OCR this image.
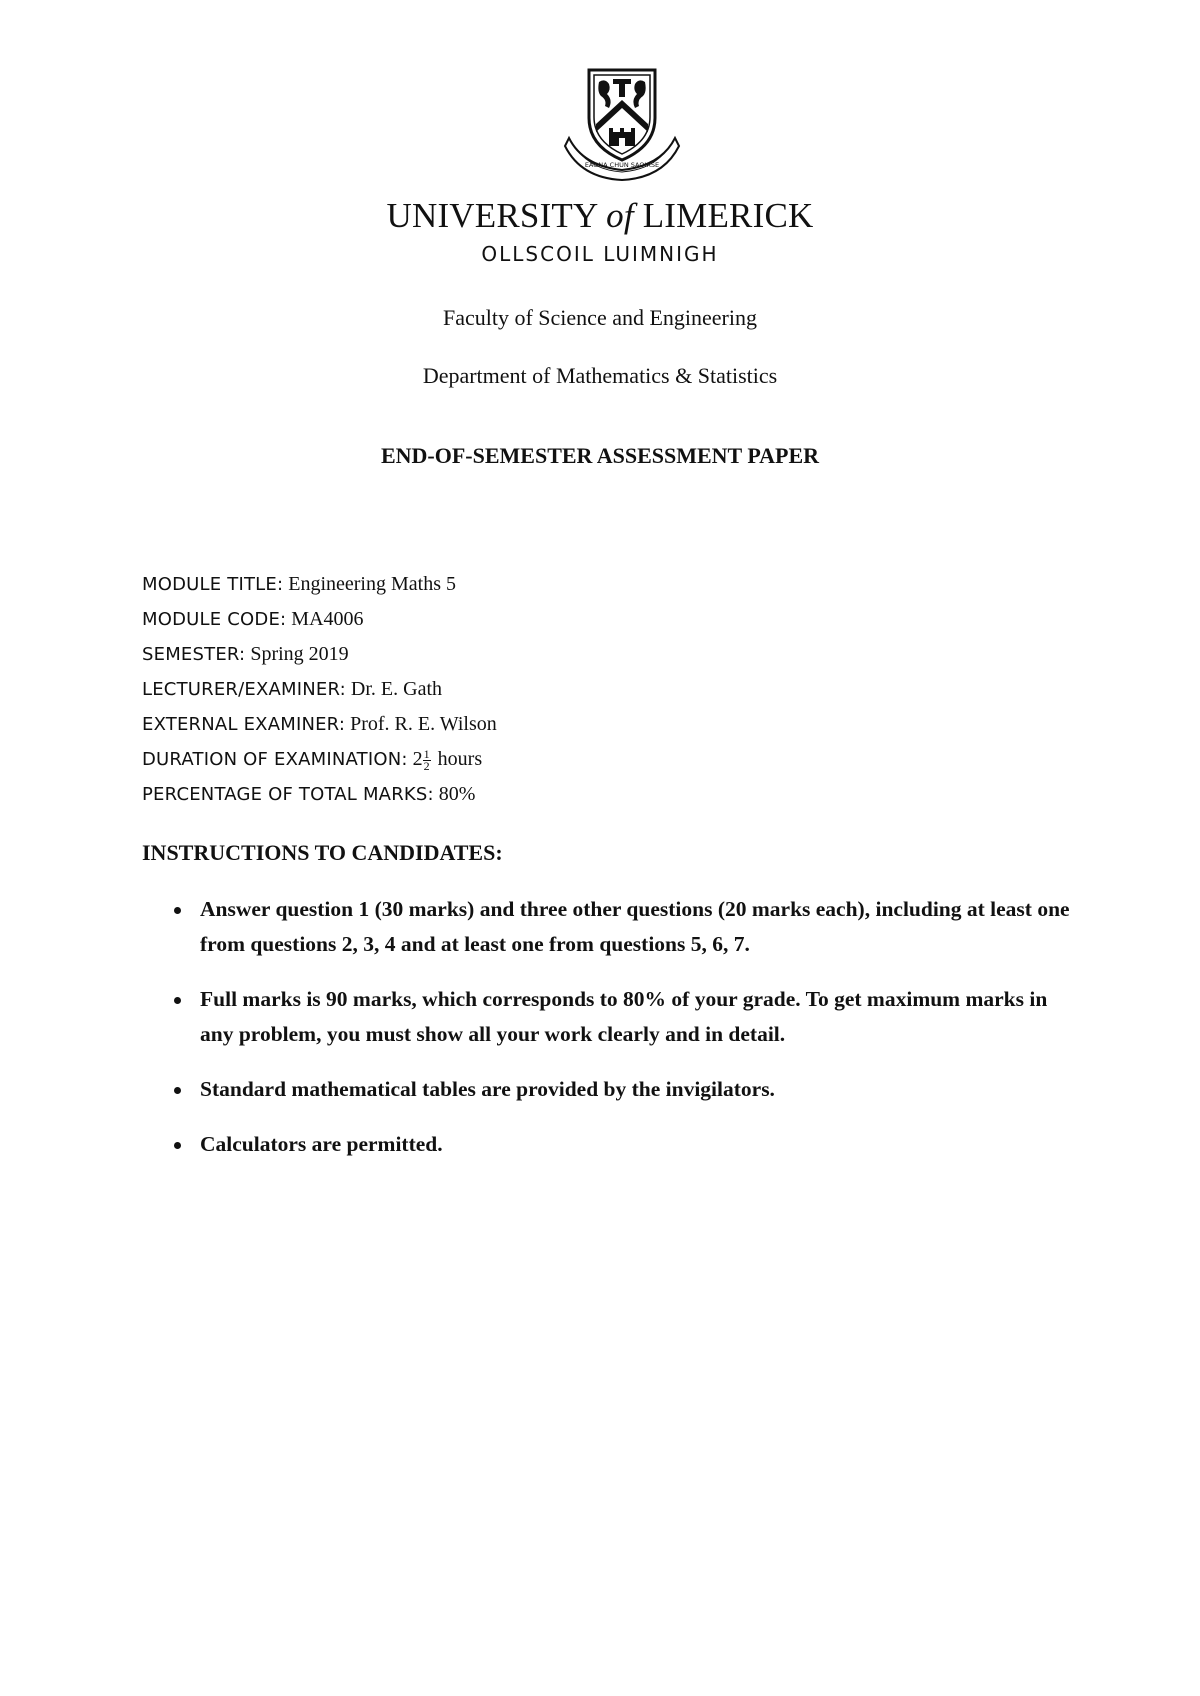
EAGNA CHUN SAOIRSE
UNIVERSITY of LIMERICK
OLLSCOIL LUIMNIGH
Faculty of Science and Engineering
Department of Mathematics & Statistics
END-OF-SEMESTER ASSESSMENT PAPER
MODULE TITLE: Engineering Maths 5
MODULE CODE: MA4006
SEMESTER: Spring 2019
LECTURER/EXAMINER: Dr. E. Gath
EXTERNAL EXAMINER: Prof. R. E. Wilson
DURATION OF EXAMINATION: $2 \frac{1}{2}$ hours
PERCENTAGE OF TOTAL MARKS: 80%
INSTRUCTIONS TO CANDIDATES:
Answer question 1 (30 marks) and three other questions (20 marks each), including at least one from questions 2, 3, 4 and at least one from questions 5, 6, 7.
Full marks is 90 marks, which corresponds to 80% of your grade. To get maximum marks in any problem, you must show all your work clearly and in detail.
Standard mathematical tables are provided by the invigilators.
Calculators are permitted.
